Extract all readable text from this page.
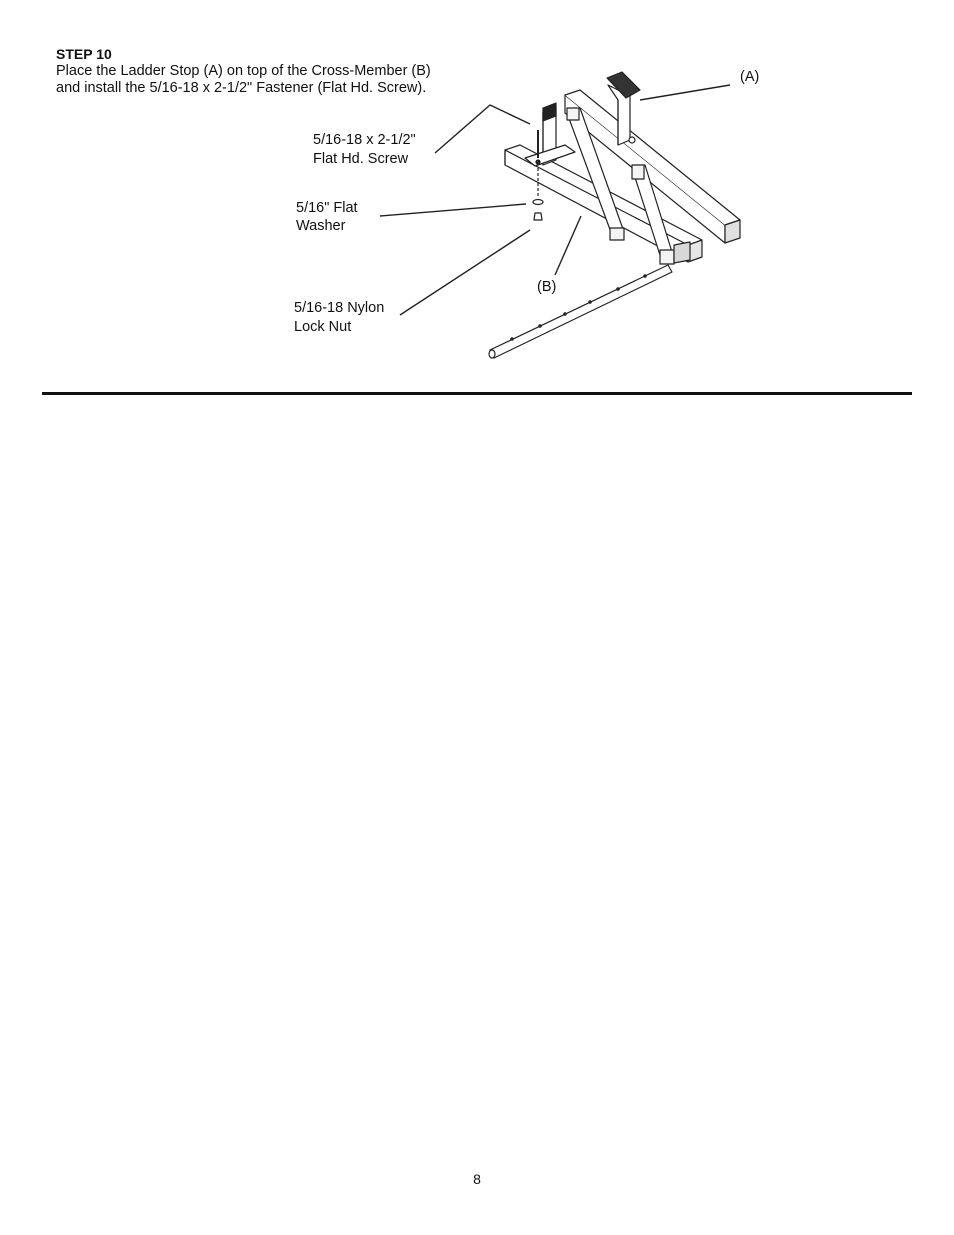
STEP 10
Place the Ladder Stop (A) on top of the Cross-Member (B)
and install the 5/16-18 x 2-1/2" Fastener (Flat Hd. Screw).
(A)
5/16-18 x 2-1/2"
Flat Hd. Screw
5/16" Flat
Washer
(B)
5/16-18 Nylon
Lock Nut
8
